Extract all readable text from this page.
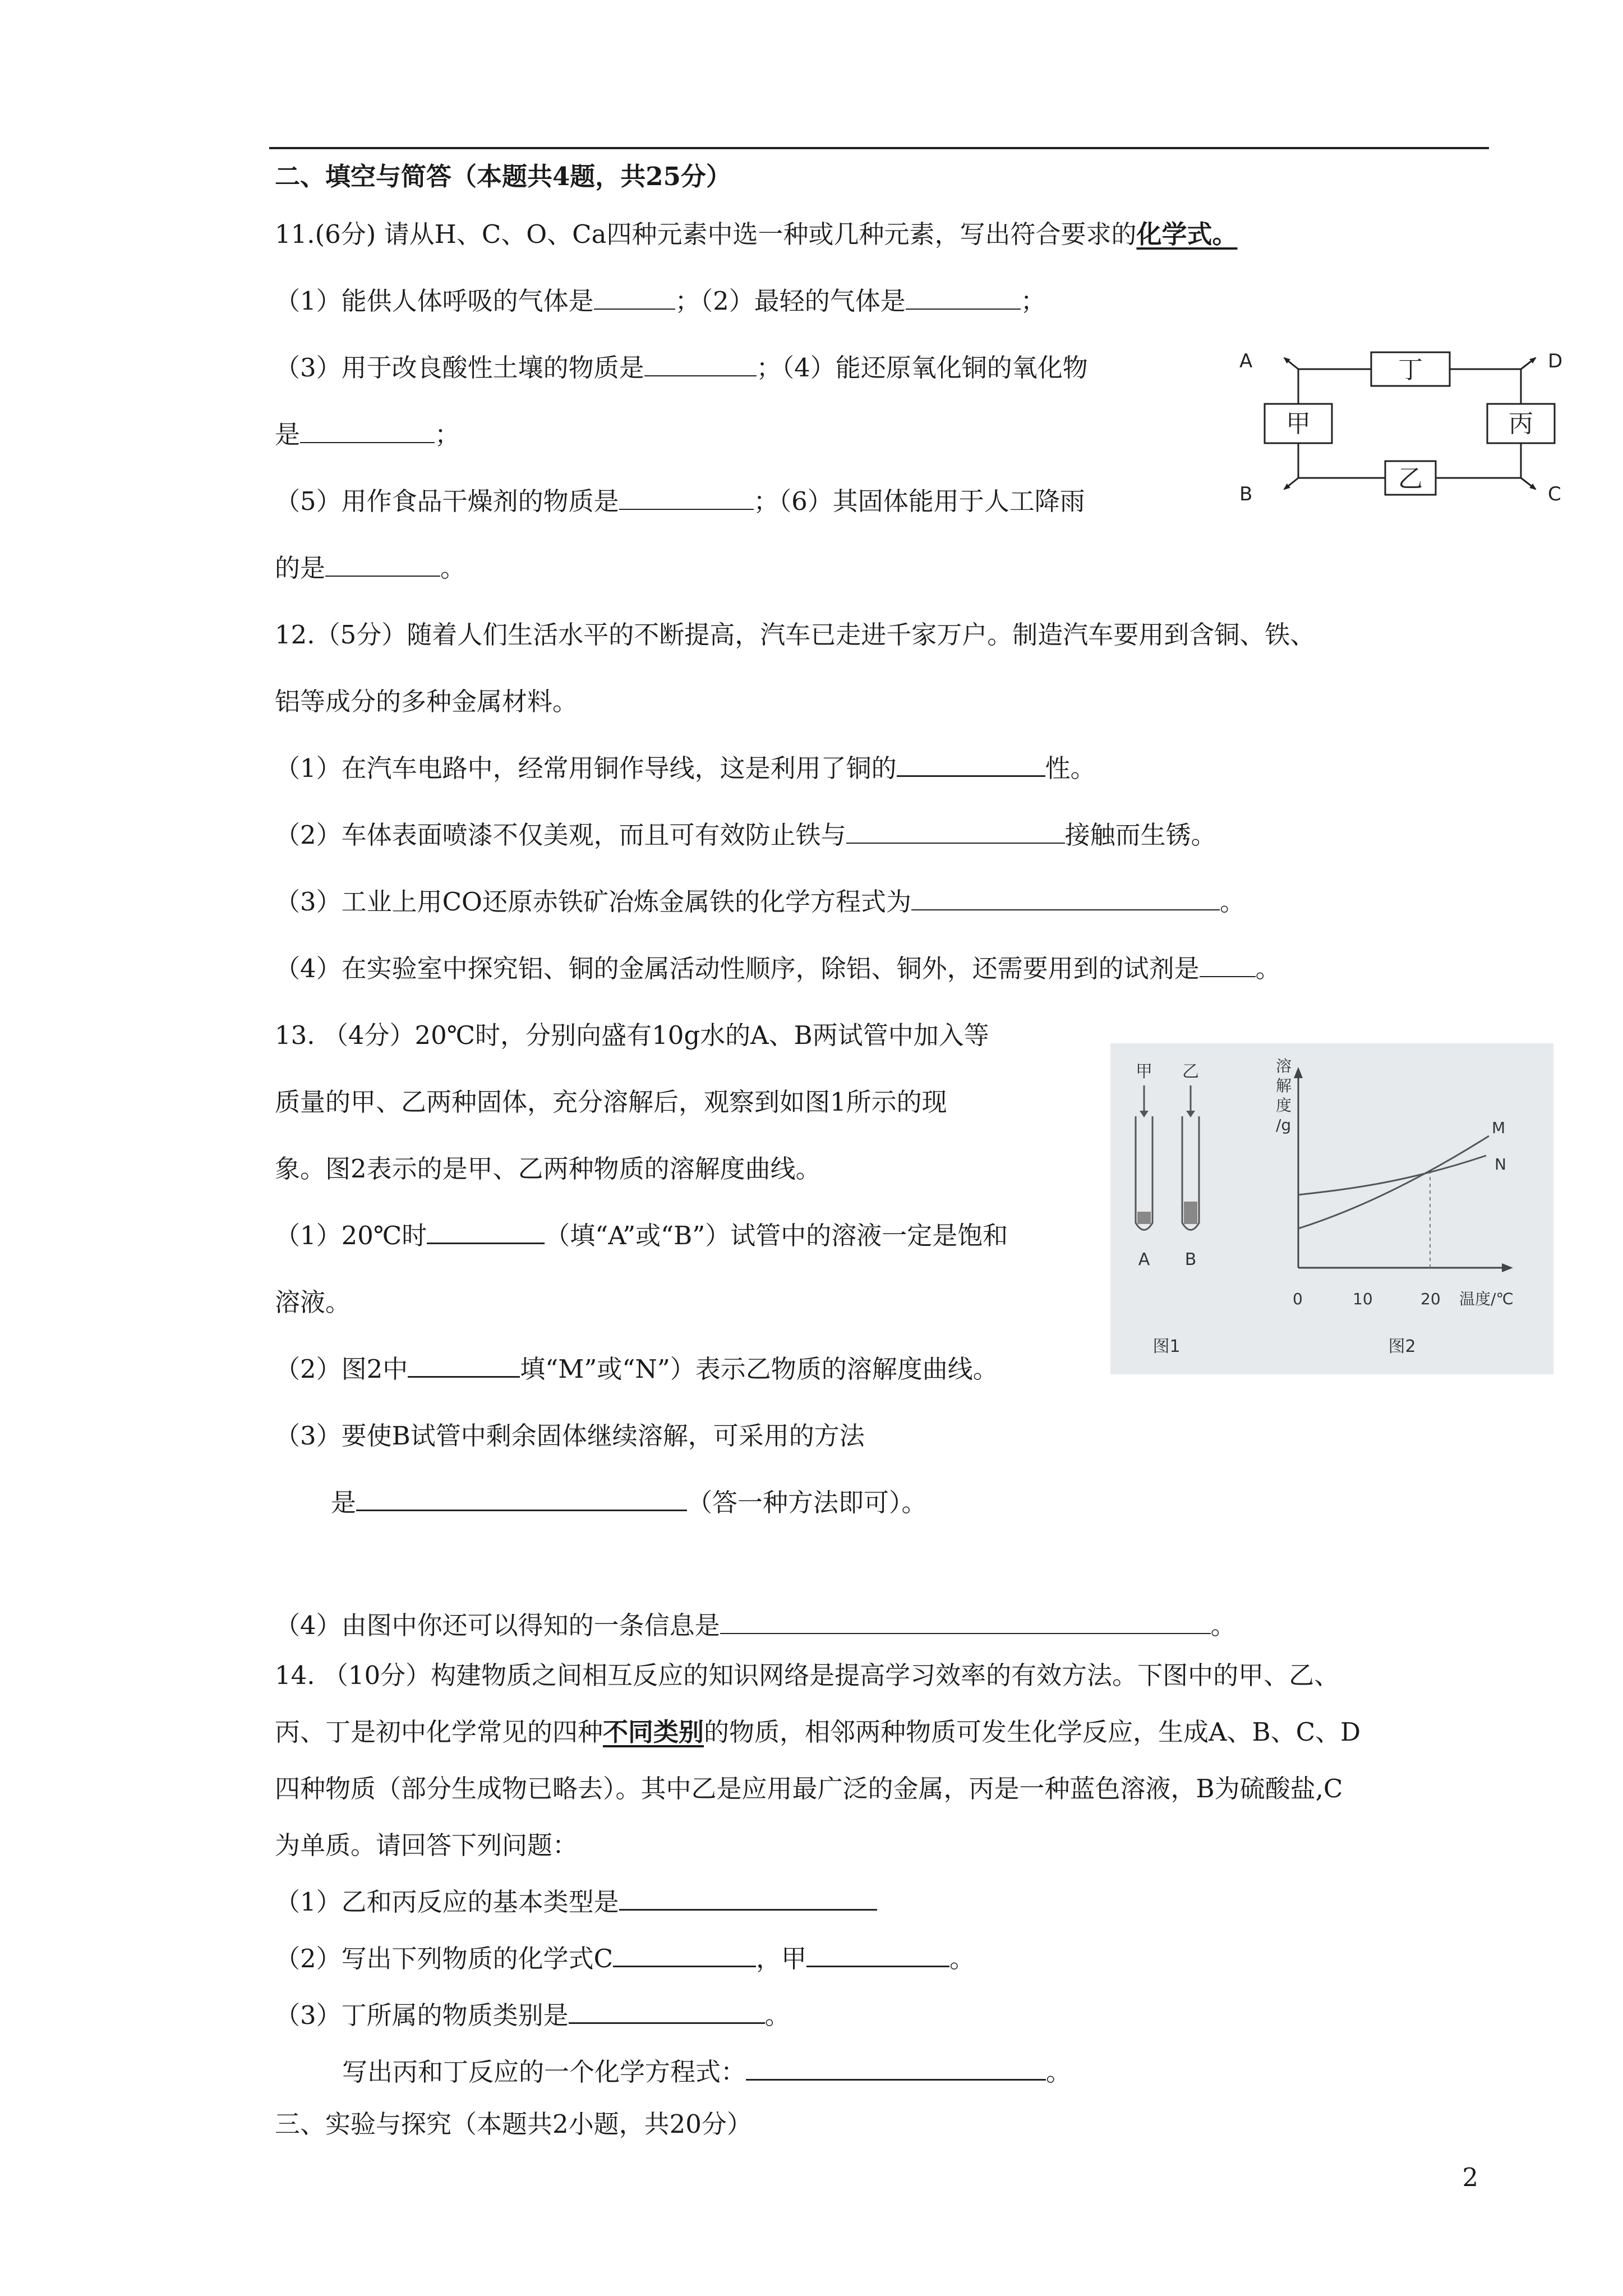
二、填空与简答（本题共4题，共25分）
11.(6分) 请从H、C、O、Ca四种元素中选一种或几种元素，写出符合要求的化学式。
（1）能供人体呼吸的气体是	；（2）最轻的气体是	；
（3）用于改良酸性土壤的物质是	；（4）能还原氧化铜的氧化物
是	；
（5）用作食品干燥剂的物质是	；（6）其固体能用于人工降雨
的是	。
丁
甲	丙
乙
A	D
B	C
12.（5分）随着人们生活水平的不断提高，汽车已走进千家万户。制造汽车要用到含铜、铁、
铝等成分的多种金属材料。
（1）在汽车电路中，经常用铜作导线，这是利用了铜的	性。
（2）车体表面喷漆不仅美观，而且可有效防止铁与	接触而生锈。
（3）工业上用CO还原赤铁矿冶炼金属铁的化学方程式为	。
（4）在实验室中探究铝、铜的金属活动性顺序，除铝、铜外，还需要用到的试剂是 。
13. （4分）20℃时，分别向盛有10g水的A、B两试管中加入等
质量的甲、乙两种固体，充分溶解后，观察到如图1所示的现
象。图2表示的是甲、乙两种物质的溶解度曲线。
（1）20℃时	（填“A”或“B”）试管中的溶液一定是饱和
溶液。
（2）图2中	填“M”或“N”）表示乙物质的溶解度曲线。
（3）要使B试管中剩余固体继续溶解，可采用的方法
是	（答一种方法即可）。
（4）由图中你还可以得知的一条信息是	。
甲 乙
A B
图1	图2
溶
解
度
/g
0	10	20 温度/℃
M
N
14. （10分）构建物质之间相互反应的知识网络是提高学习效率的有效方法。下图中的甲、乙、
丙、丁是初中化学常见的四种不同类别的物质，相邻两种物质可发生化学反应，生成A、B、C、D
四种物质（部分生成物已略去）。其中乙是应用最广泛的金属，丙是一种蓝色溶液，B为硫酸盐,C
为单质。请回答下列问题：
（1）乙和丙反应的基本类型是
（2）写出下列物质的化学式C	，甲	。
（3）丁所属的物质类别是	。
写出丙和丁反应的一个化学方程式：	。
三、实验与探究（本题共2小题，共20分）
2
